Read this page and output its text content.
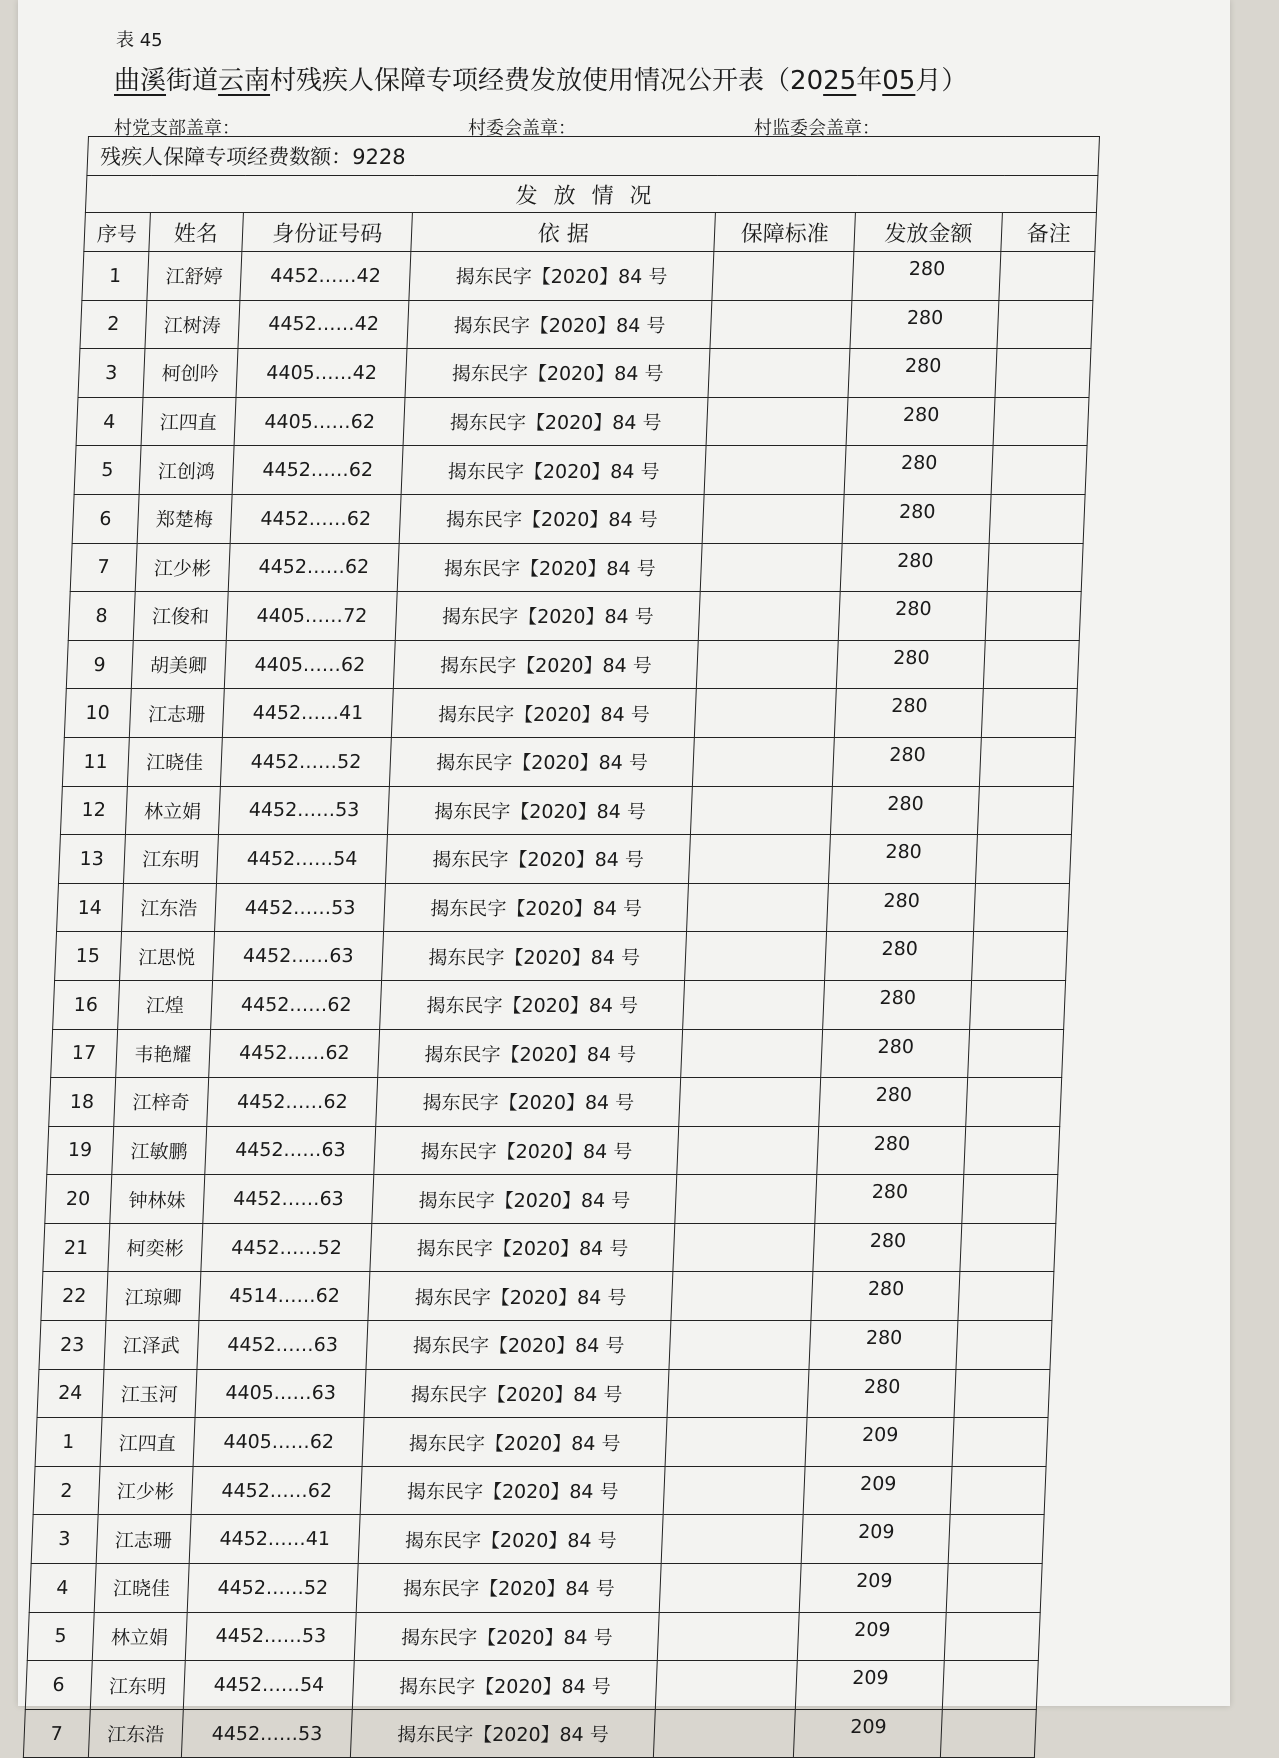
表 45
曲溪街道云南村残疾人保障专项经费发放使用情况公开表（2025年05月）
村党支部盖章：	村委会盖章：	村监委会盖章：
残疾人保障专项经费数额：9228						
发放情况						
序号	姓名	身份证号码	依 据	保障标准	发放金额	备注
1	江舒婷	4452……42	揭东民字【2020】84 号		280	
2	江树涛	4452……42	揭东民字【2020】84 号		280	
3	柯创吟	4405……42	揭东民字【2020】84 号		280	
4	江四直	4405……62	揭东民字【2020】84 号		280	
5	江创鸿	4452……62	揭东民字【2020】84 号		280	
6	郑楚梅	4452……62	揭东民字【2020】84 号		280	
7	江少彬	4452……62	揭东民字【2020】84 号		280	
8	江俊和	4405……72	揭东民字【2020】84 号		280	
9	胡美卿	4405……62	揭东民字【2020】84 号		280	
10	江志珊	4452……41	揭东民字【2020】84 号		280	
11	江晓佳	4452……52	揭东民字【2020】84 号		280	
12	林立娟	4452……53	揭东民字【2020】84 号		280	
13	江东明	4452……54	揭东民字【2020】84 号		280	
14	江东浩	4452……53	揭东民字【2020】84 号		280	
15	江思悦	4452……63	揭东民字【2020】84 号		280	
16	江煌	4452……62	揭东民字【2020】84 号		280	
17	韦艳耀	4452……62	揭东民字【2020】84 号		280	
18	江梓奇	4452……62	揭东民字【2020】84 号		280	
19	江敏鹏	4452……63	揭东民字【2020】84 号		280	
20	钟林妹	4452……63	揭东民字【2020】84 号		280	
21	柯奕彬	4452……52	揭东民字【2020】84 号		280	
22	江琼卿	4514……62	揭东民字【2020】84 号		280	
23	江泽武	4452……63	揭东民字【2020】84 号		280	
24	江玉河	4405……63	揭东民字【2020】84 号		280	
1	江四直	4405……62	揭东民字【2020】84 号		209	
2	江少彬	4452……62	揭东民字【2020】84 号		209	
3	江志珊	4452……41	揭东民字【2020】84 号		209	
4	江晓佳	4452……52	揭东民字【2020】84 号		209	
5	林立娟	4452……53	揭东民字【2020】84 号		209	
6	江东明	4452……54	揭东民字【2020】84 号		209	
7	江东浩	4452……53	揭东民字【2020】84 号		209	
